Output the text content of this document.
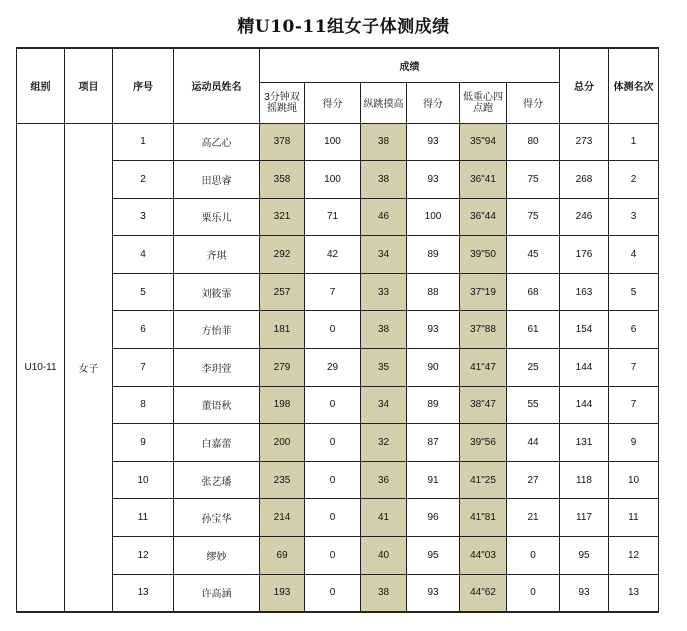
精U10-11组女子体测成绩
组别	项目	序号	运动员姓名	成绩						总分	体测名次
				3分钟双摇跳绳	得分	纵跳摸高	得分	低重心四点跑	得分		
U10-11	女子	1	高乙心	378	100	38	93	35"94	80	273	1
		2	田思睿	358	100	38	93	36"41	75	268	2
		3	栗乐儿	321	71	46	100	36"44	75	246	3
		4	齐琪	292	42	34	89	39"50	45	176	4
		5	刘筱霏	257	7	33	88	37"19	68	163	5
		6	方怡菲	181	0	38	93	37"88	61	154	6
		7	李玥萱	279	29	35	90	41"47	25	144	7
		8	董语秋	198	0	34	89	38"47	55	144	7
		9	白嘉蕾	200	0	32	87	39"56	44	131	9
		10	张艺璠	235	0	36	91	41"25	27	118	10
		11	孙宝华	214	0	41	96	41"81	21	117	11
		12	缪妙	69	0	40	95	44"03	0	95	12
		13	许高涵	193	0	38	93	44"62	0	93	13
